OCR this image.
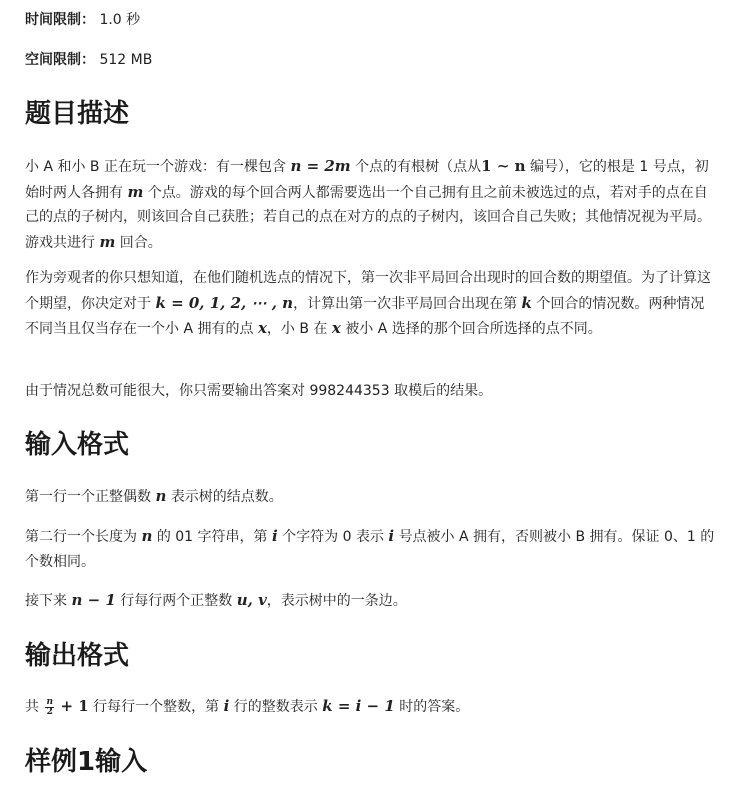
时间限制： 1.0 秒
空间限制： 512 MB
题目描述

小 A 和小 B 正在玩一个游戏：有一棵包含 n = 2m 个点的有根树（点从1 ∼ n 编号），它的根是 1 号点，初始时两人各拥有 m 个点。游戏的每个回合两人都需要选出一个自己拥有且之前未被选过的点，若对手的点在自己的点的子树内，则该回合自己获胜；若自己的点在对方的点的子树内，该回合自己失败；其他情况视为平局。游戏共进行 m 回合。

作为旁观者的你只想知道，在他们随机选点的情况下，第一次非平局回合出现时的回合数的期望值。为了计算这个期望，你决定对于 k = 0, 1, 2, ⋯ , n，计算出第一次非平局回合出现在第 k 个回合的情况数。两种情况不同当且仅当存在一个小 A 拥有的点 x，小 B 在 x 被小 A 选择的那个回合所选择的点不同。

由于情况总数可能很大，你只需要输出答案对 998244353 取模后的结果。

输入格式

第一行一个正整偶数 n 表示树的结点数。

第二行一个长度为 n 的 01 字符串，第 i 个字符为 0 表示 i 号点被小 A 拥有，否则被小 B 拥有。保证 0、1 的个数相同。

接下来 n − 1 行每行两个正整数 u, v，表示树中的一条边。

输出格式

共 $\frac{n}{2} + 1$ 行每行一个整数，第 i 行的整数表示 k = i − 1 时的答案。

样例1输入
